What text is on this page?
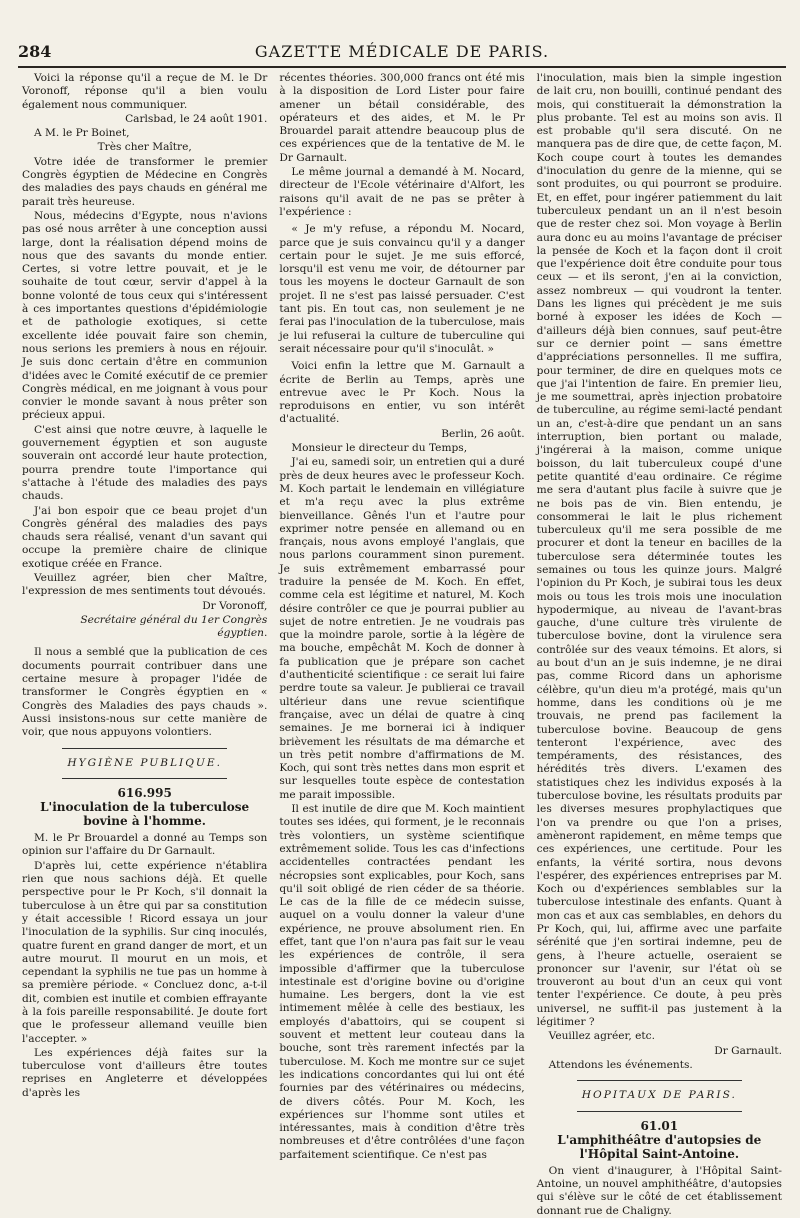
284	GAZETTE MÉDICALE DE PARIS.

Voici la réponse qu'il a reçue de M. le Dr Voronoff, réponse qu'il a bien voulu également nous communiquer.

Carlsbad, le 24 août 1901.

A M. le Pr Boinet,

Très cher Maître,

Votre idée de transformer le premier Congrès égyptien de Médecine en Congrès des maladies des pays chauds en général me parait très heureuse.

Nous, médecins d'Egypte, nous n'avions pas osé nous arrêter à une conception aussi large, dont la réalisation dépend moins de nous que des savants du monde entier. Certes, si votre lettre pouvait, et je le souhaite de tout cœur, servir d'appel à la bonne volonté de tous ceux qui s'intéressent à ces importantes questions d'épidémiologie et de pathologie exotiques, si cette excellente idée pouvait faire son chemin, nous serions les premiers à nous en réjouir. Je suis donc certain d'être en communion d'idées avec le Comité exécutif de ce premier Congrès médical, en me joignant à vous pour convier le monde savant à nous prêter son précieux appui.

C'est ainsi que notre œuvre, à laquelle le gouvernement égyptien et son auguste souverain ont accordé leur haute protection, pourra prendre toute l'importance qui s'attache à l'étude des maladies des pays chauds.

J'ai bon espoir que ce beau projet d'un Congrès général des maladies des pays chauds sera réalisé, venant d'un savant qui occupe la première chaire de clinique exotique créée en France.

Veuillez agréer, bien cher Maître, l'expression de mes sentiments tout dévoués.

Dr Voronoff,

Secrétaire général du 1er Congrès égyptien.

Il nous a semblé que la publication de ces documents pourrait contribuer dans une certaine mesure à propager l'idée de transformer le Congrès égyptien en « Congrès des Maladies des pays chauds ». Aussi insistons-nous sur cette manière de voir, que nous appuyons volontiers.

HYGIÈNE PUBLIQUE.

616.995
L'inoculation de la tuberculose bovine à l'homme.

M. le Pr Brouardel a donné au Temps son opinion sur l'affaire du Dr Garnault.

D'après lui, cette expérience n'établira rien que nous sachions déjà. Et quelle perspective pour le Pr Koch, s'il donnait la tuberculose à un être qui par sa constitution y était accessible ! Ricord essaya un jour l'inoculation de la syphilis. Sur cinq inoculés, quatre furent en grand danger de mort, et un autre mourut. Il mourut en un mois, et cependant la syphilis ne tue pas un homme à sa première période. « Concluez donc, a-t-il dit, combien est inutile et combien effrayante à la fois pareille responsabilité. Je doute fort que le professeur allemand veuille bien l'accepter. »

Les expériences déjà faites sur la tuberculose vont d'ailleurs être toutes reprises en Angleterre et développées d'après les

récentes théories. 300,000 francs ont été mis à la disposition de Lord Lister pour faire amener un bétail considérable, des opérateurs et des aides, et M. le Pr Brouardel parait attendre beaucoup plus de ces expériences que de la tentative de M. le Dr Garnault.

Le même journal a demandé à M. Nocard, directeur de l'Ecole vétérinaire d'Alfort, les raisons qu'il avait de ne pas se prêter à l'expérience :

« Je m'y refuse, a répondu M. Nocard, parce que je suis convaincu qu'il y a danger certain pour le sujet. Je me suis efforcé, lorsqu'il est venu me voir, de détourner par tous les moyens le docteur Garnault de son projet. Il ne s'est pas laissé persuader. C'est tant pis. En tout cas, non seulement je ne ferai pas l'inoculation de la tuberculose, mais je lui refuserai la culture de tuberculine qui serait nécessaire pour qu'il s'inoculât. »

Voici enfin la lettre que M. Garnault a écrite de Berlin au Temps, après une entrevue avec le Pr Koch. Nous la reproduisons en entier, vu son intérêt d'actualité.

Berlin, 26 août.

Monsieur le directeur du Temps,

J'ai eu, samedi soir, un entretien qui a duré près de deux heures avec le professeur Koch. M. Koch partait le lendemain en villégiature et m'a reçu avec la plus extrême bienveillance. Gênés l'un et l'autre pour exprimer notre pensée en allemand ou en français, nous avons employé l'anglais, que nous parlons couramment sinon purement. Je suis extrêmement embarrassé pour traduire la pensée de M. Koch. En effet, comme cela est légitime et naturel, M. Koch désire contrôler ce que je pourrai publier au sujet de notre entretien. Je ne voudrais pas que la moindre parole, sortie à la légère de ma bouche, empêchât M. Koch de donner à fa publication que je prépare son cachet d'authenticité scientifique : ce serait lui faire perdre toute sa valeur. Je publierai ce travail ultérieur dans une revue scientifique française, avec un délai de quatre à cinq semaines. Je me bornerai ici à indiquer brièvement les résultats de ma démarche et un très petit nombre d'affirmations de M. Koch, qui sont très nettes dans mon esprit et sur lesquelles toute espèce de contestation me parait impossible.

Il est inutile de dire que M. Koch maintient toutes ses idées, qui forment, je le reconnais très volontiers, un système scientifique extrêmement solide. Tous les cas d'infections accidentelles contractées pendant les nécropsies sont explicables, pour Koch, sans qu'il soit obligé de rien céder de sa théorie. Le cas de la fille de ce médecin suisse, auquel on a voulu donner la valeur d'une expérience, ne prouve absolument rien. En effet, tant que l'on n'aura pas fait sur le veau les expériences de contrôle, il sera impossible d'affirmer que la tuberculose intestinale est d'origine bovine ou d'origine humaine. Les bergers, dont la vie est intimement mêlée à celle des bestiaux, les employés d'abattoirs, qui se coupent si souvent et mettent leur couteau dans la bouche, sont très rarement infectés par la tuberculose. M. Koch me montre sur ce sujet les indications concordantes qui lui ont été fournies par des vétérinaires ou médecins, de divers côtés. Pour M. Koch, les expériences sur l'homme sont utiles et intéressantes, mais à condition d'être très nombreuses et d'être contrôlées d'une façon parfaitement scientifique. Ce n'est pas

l'inoculation, mais bien la simple ingestion de lait cru, non bouilli, continué pendant des mois, qui constituerait la démonstration la plus probante. Tel est au moins son avis. Il est probable qu'il sera discuté. On ne manquera pas de dire que, de cette façon, M. Koch coupe court à toutes les demandes d'inoculation du genre de la mienne, qui se sont produites, ou qui pourront se produire. Et, en effet, pour ingérer patiemment du lait tuberculeux pendant un an il n'est besoin que de rester chez soi. Mon voyage à Berlin aura donc eu au moins l'avantage de préciser la pensée de Koch et la façon dont il croit que l'expérience doit être conduite pour tous ceux — et ils seront, j'en ai la conviction, assez nombreux — qui voudront la tenter. Dans les lignes qui précèdent je me suis borné à exposer les idées de Koch — d'ailleurs déjà bien connues, sauf peut-être sur ce dernier point — sans émettre d'appréciations personnelles. Il me suffira, pour terminer, de dire en quelques mots ce que j'ai l'intention de faire. En premier lieu, je me soumettrai, après injection probatoire de tuberculine, au régime semi-lacté pendant un an, c'est-à-dire que pendant un an sans interruption, bien portant ou malade, j'ingérerai à la maison, comme unique boisson, du lait tuberculeux coupé d'une petite quantité d'eau ordinaire. Ce régime me sera d'autant plus facile à suivre que je ne bois pas de vin. Bien entendu, je consommerai le lait le plus richement tuberculeux qu'il me sera possible de me procurer et dont la teneur en bacilles de la tuberculose sera déterminée toutes les semaines ou tous les quinze jours. Malgré l'opinion du Pr Koch, je subirai tous les deux mois ou tous les trois mois une inoculation hypodermique, au niveau de l'avant-bras gauche, d'une culture très virulente de tuberculose bovine, dont la virulence sera contrôlée sur des veaux témoins. Et alors, si au bout d'un an je suis indemne, je ne dirai pas, comme Ricord dans un aphorisme célèbre, qu'un dieu m'a protégé, mais qu'un homme, dans les conditions où je me trouvais, ne prend pas facilement la tuberculose bovine. Beaucoup de gens tenteront l'expérience, avec des tempéraments, des résistances, des hérédités très divers. L'examen des statistiques chez les individus exposés à la tuberculose bovine, les résultats produits par les diverses mesures prophylactiques que l'on va prendre ou que l'on a prises, amèneront rapidement, en même temps que ces expériences, une certitude. Pour les enfants, la vérité sortira, nous devons l'espérer, des expériences entreprises par M. Koch ou d'expériences semblables sur la tuberculose intestinale des enfants. Quant à mon cas et aux cas semblables, en dehors du Pr Koch, qui, lui, affirme avec une parfaite sérénité que j'en sortirai indemne, peu de gens, à l'heure actuelle, oseraient se prononcer sur l'avenir, sur l'état où se trouveront au bout d'un an ceux qui vont tenter l'expérience. Ce doute, à peu près universel, ne suffit-il pas justement à la légitimer ?

Veuillez agréer, etc.

Dr Garnault.

Attendons les événements.

HOPITAUX DE PARIS.

61.01
L'amphithéâtre d'autopsies de l'Hôpital Saint-Antoine.

On vient d'inaugurer, à l'Hôpital Saint-Antoine, un nouvel amphithéâtre, d'autopsies qui s'élève sur le côté de cet établissement donnant rue de Chaligny.
